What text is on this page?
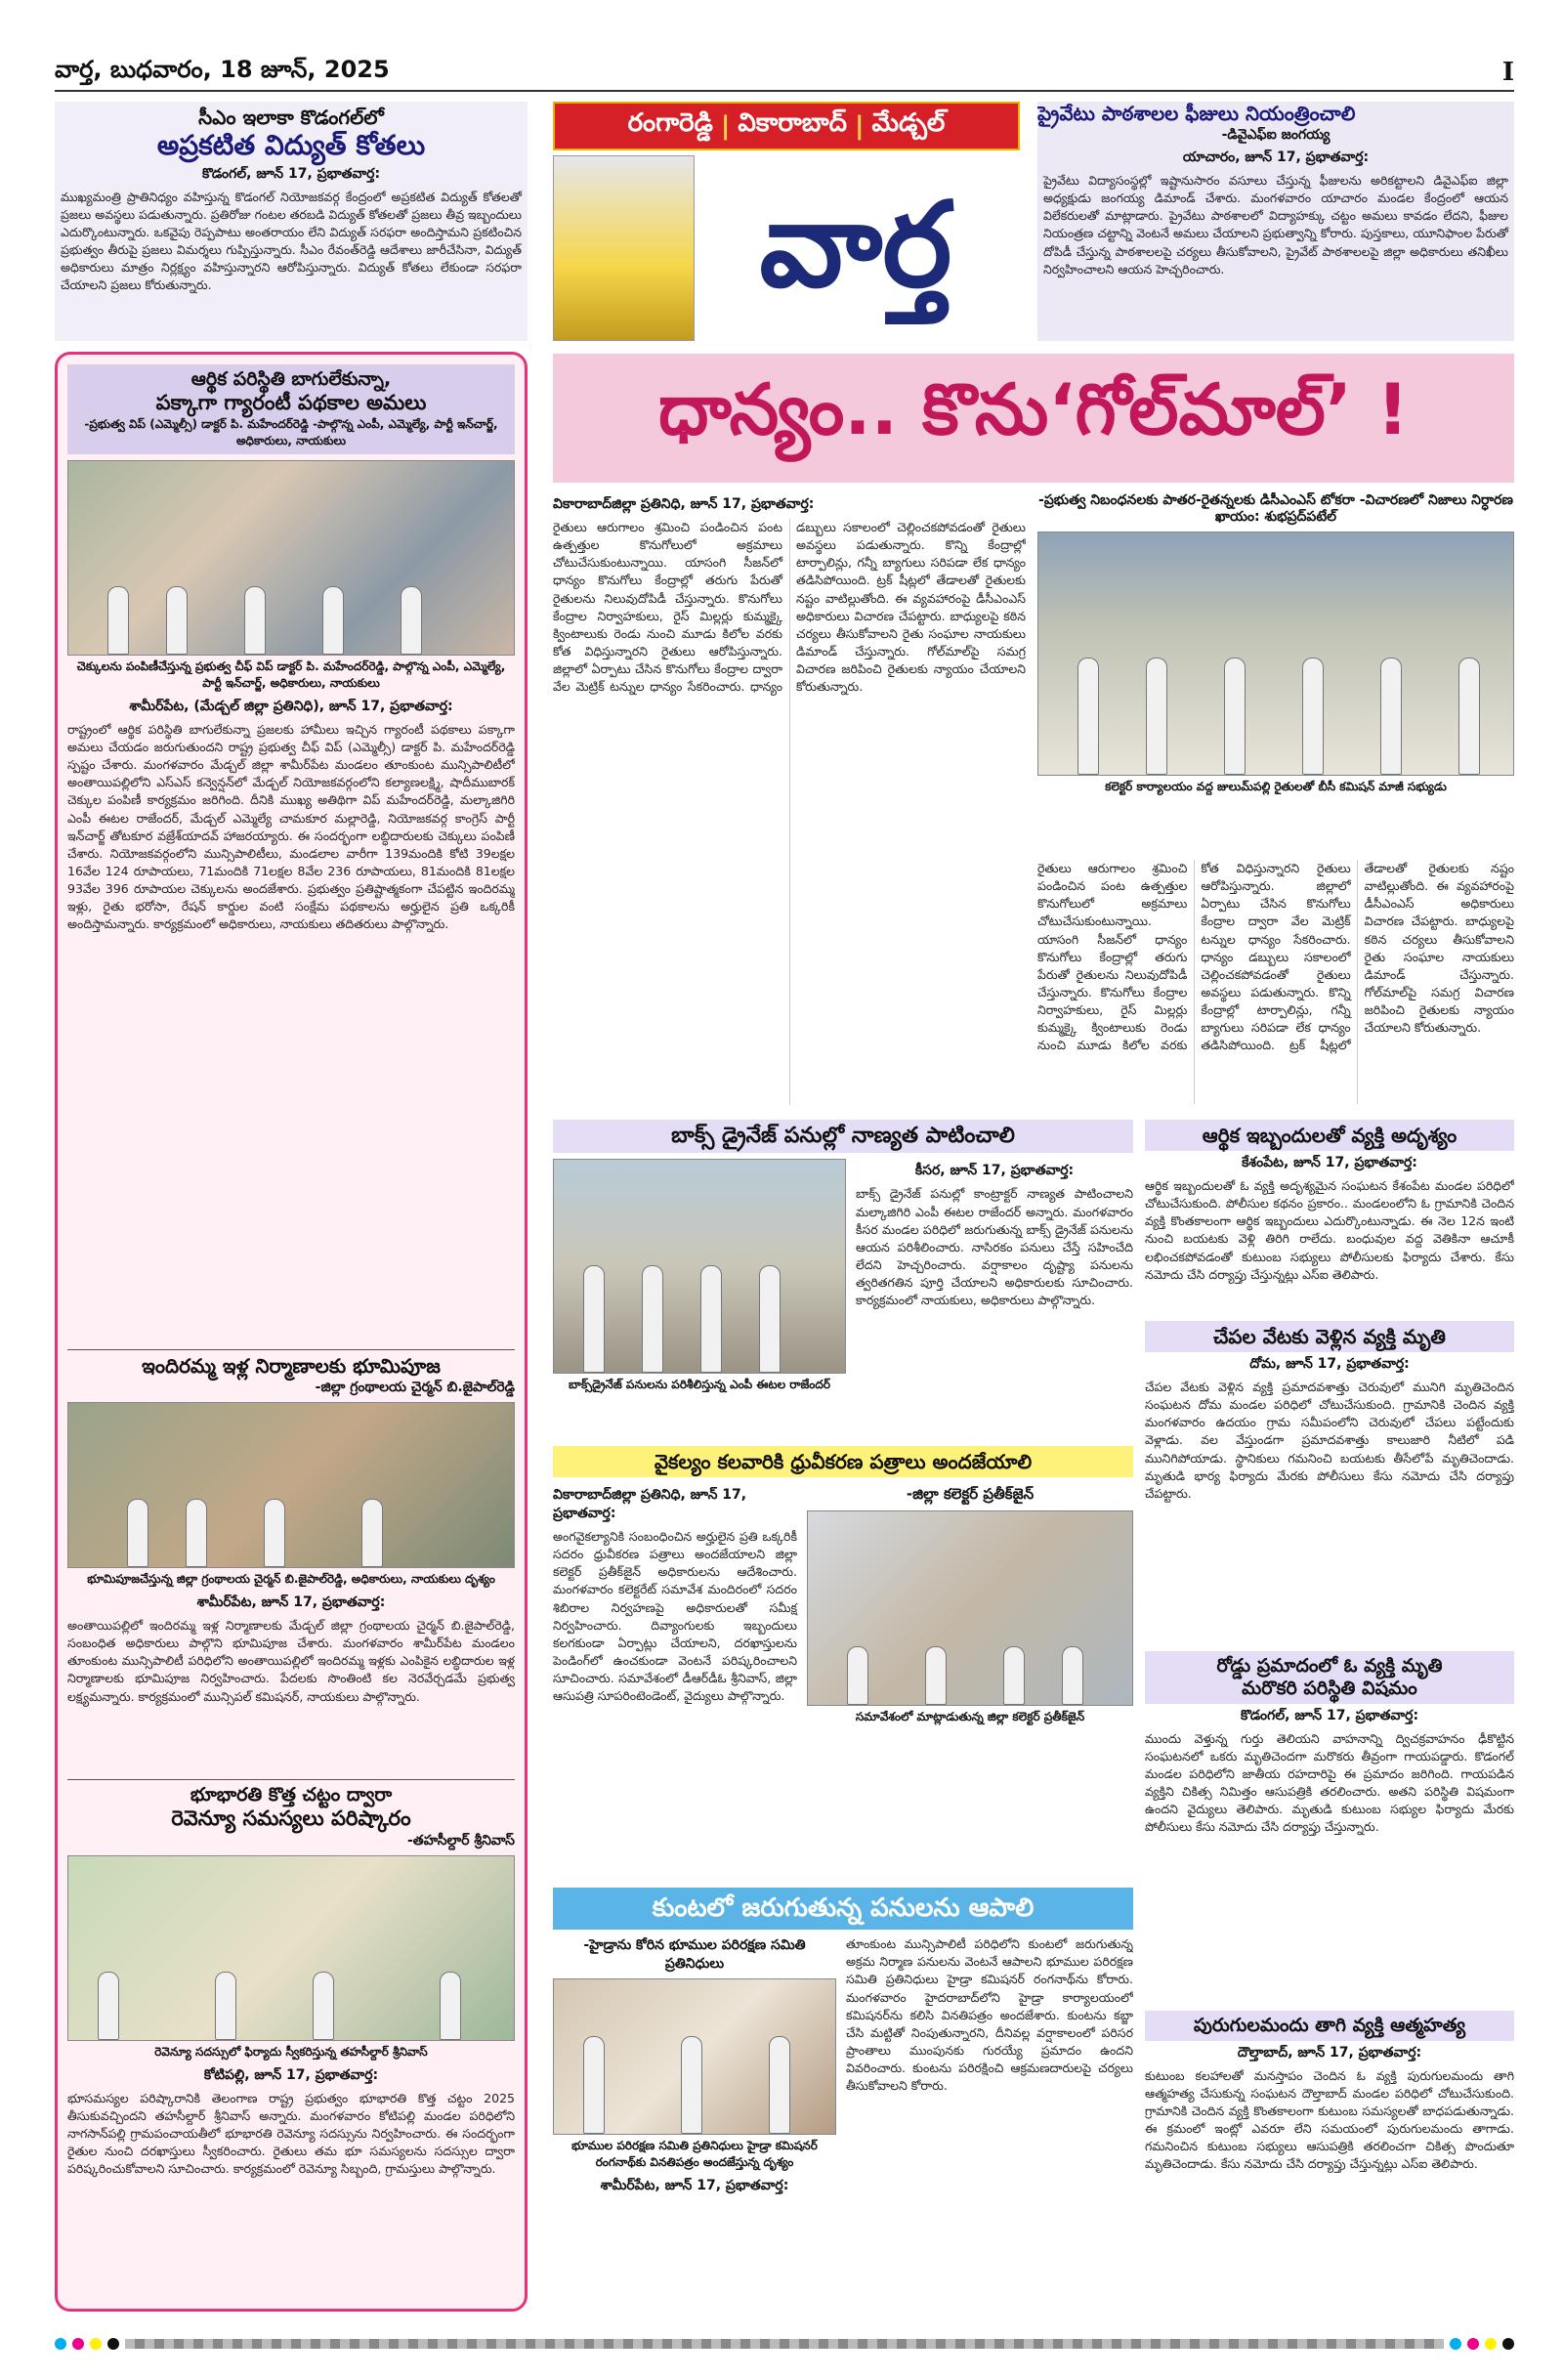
వార్త, బుధవారం, 18 జూన్, 2025	I
సీఎం ఇలాకా కొడంగల్‌లో
అప్రకటిత విద్యుత్ కోతలు
కొడంగల్, జూన్ 17, ప్రభాతవార్త:
ముఖ్యమంత్రి ప్రాతినిధ్యం వహిస్తున్న కొడంగల్ నియోజకవర్గ కేంద్రంలో అప్రకటిత విద్యుత్ కోతలతో ప్రజలు అవస్థలు పడుతున్నారు. ప్రతిరోజు గంటల తరబడి విద్యుత్ కోతలతో ప్రజలు తీవ్ర ఇబ్బందులు ఎదుర్కొంటున్నారు. ఒకవైపు రెప్పపాటు అంతరాయం లేని విద్యుత్ సరఫరా అందిస్తామని ప్రకటించిన ప్రభుత్వం తీరుపై ప్రజలు విమర్శలు గుప్పిస్తున్నారు. సీఎం రేవంత్‌రెడ్డి ఆదేశాలు జారీచేసినా, విద్యుత్ అధికారులు మాత్రం నిర్లక్ష్యం వహిస్తున్నారని ఆరోపిస్తున్నారు. విద్యుత్ కోతలు లేకుండా సరఫరా చేయాలని ప్రజలు కోరుతున్నారు.
రంగారెడ్డి | వికారాబాద్ | మేడ్చల్
వార్త
ప్రైవేటు పాఠశాలల ఫీజులు నియంత్రించాలి
-డివైఎఫ్ఐ జంగయ్య
యాచారం, జూన్ 17, ప్రభాతవార్త:
ప్రైవేటు విద్యాసంస్థల్లో ఇష్టానుసారం వసూలు చేస్తున్న ఫీజులను అరికట్టాలని డివైఎఫ్ఐ జిల్లా అధ్యక్షుడు జంగయ్య డిమాండ్ చేశారు. మంగళవారం యాచారం మండల కేంద్రంలో ఆయన విలేకరులతో మాట్లాడారు. ప్రైవేటు పాఠశాలలో విద్యాహక్కు చట్టం అమలు కావడం లేదని, ఫీజుల నియంత్రణ చట్టాన్ని వెంటనే అమలు చేయాలని ప్రభుత్వాన్ని కోరారు. పుస్తకాలు, యూనిఫాంల పేరుతో దోపిడీ చేస్తున్న పాఠశాలలపై చర్యలు తీసుకోవాలని, ప్రైవేట్ పాఠశాలలపై జిల్లా అధికారులు తనిఖీలు నిర్వహించాలని ఆయన హెచ్చరించారు.
ధాన్యం.. కొను‘గోల్‌మాల్’ !
ఆర్థిక పరిస్థితి బాగులేకున్నా,
పక్కాగా గ్యారంటీ పథకాల అమలు
-ప్రభుత్వ విప్ (ఎమ్మెల్సీ) డాక్టర్ పి. మహేందర్‌రెడ్డి -పాల్గొన్న ఎంపీ, ఎమ్మెల్యే, పార్టీ ఇన్‌చార్జ్, అధికారులు, నాయకులు
చెక్కులను పంపిణీచేస్తున్న ప్రభుత్వ చీఫ్ విప్ డాక్టర్ పి. మహేందర్‌రెడ్డి, పాల్గొన్న ఎంపీ, ఎమ్మెల్యే, పార్టీ ఇన్‌చార్జ్, అధికారులు, నాయకులు
శామీర్‌పేట, (మేడ్చల్ జిల్లా ప్రతినిధి), జూన్ 17, ప్రభాతవార్త:
రాష్ట్రంలో ఆర్థిక పరిస్థితి బాగులేకున్నా ప్రజలకు హామీలు ఇచ్చిన గ్యారంటీ పథకాలు పక్కాగా అమలు చేయడం జరుగుతుందని రాష్ట్ర ప్రభుత్వ చీఫ్ విప్ (ఎమ్మెల్సీ) డాక్టర్ పి. మహేందర్‌రెడ్డి స్పష్టం చేశారు. మంగళవారం మేడ్చల్ జిల్లా శామీర్‌పేట మండలం తూంకుంట మున్సిపాలిటీలో అంతాయిపల్లిలోని ఎస్‌ఎస్ కన్వెన్షన్‌లో మేడ్చల్ నియోజకవర్గంలోని కల్యాణలక్ష్మి, షాదీముబారక్ చెక్కుల పంపిణీ కార్యక్రమం జరిగింది. దీనికి ముఖ్య అతిథిగా విప్ మహేందర్‌రెడ్డి, మల్కాజిగిరి ఎంపీ ఈటల రాజేందర్, మేడ్చల్ ఎమ్మెల్యే చామకూర మల్లారెడ్డి, నియోజకవర్గ కాంగ్రెస్ పార్టీ ఇన్‌చార్జ్ తోటకూర వజ్రేశ్‌యాదవ్ హాజరయ్యారు. ఈ సందర్భంగా లబ్ధిదారులకు చెక్కులు పంపిణీ చేశారు. నియోజకవర్గంలోని మున్సిపాలిటీలు, మండలాల వారీగా 139మందికి కోటి 39లక్షల 16వేల 124 రూపాయలు, 71మందికి 71లక్షల 8వేల 236 రూపాయలు, 81మందికి 81లక్షల 93వేల 396 రూపాయల చెక్కులను అందజేశారు. ప్రభుత్వం ప్రతిష్టాత్మకంగా చేపట్టిన ఇందిరమ్మ ఇళ్లు, రైతు భరోసా, రేషన్ కార్డుల వంటి సంక్షేమ పథకాలను అర్హులైన ప్రతి ఒక్కరికీ అందిస్తామన్నారు. కార్యక్రమంలో అధికారులు, నాయకులు తదితరులు పాల్గొన్నారు.
ఇందిరమ్మ ఇళ్ల నిర్మాణాలకు భూమిపూజ
-జిల్లా గ్రంథాలయ చైర్మన్ బి.జైపాల్‌రెడ్డి
భూమిపూజచేస్తున్న జిల్లా గ్రంథాలయ చైర్మన్ బి.జైపాల్‌రెడ్డి, అధికారులు, నాయకులు దృశ్యం
శామీర్‌పేట, జూన్ 17, ప్రభాతవార్త:
అంతాయిపల్లిలో ఇందిరమ్మ ఇళ్ల నిర్మాణాలకు మేడ్చల్ జిల్లా గ్రంథాలయ చైర్మన్ బి.జైపాల్‌రెడ్డి, సంబంధిత అధికారులు పాల్గొని భూమిపూజ చేశారు. మంగళవారం శామీర్‌పేట మండలం తూంకుంట మున్సిపాలిటీ పరిధిలోని అంతాయిపల్లిలో ఇందిరమ్మ ఇళ్లకు ఎంపికైన లబ్ధిదారుల ఇళ్ల నిర్మాణాలకు భూమిపూజ నిర్వహించారు. పేదలకు సొంతింటి కల నెరవేర్చడమే ప్రభుత్వ లక్ష్యమన్నారు. కార్యక్రమంలో మున్సిపల్ కమిషనర్, నాయకులు పాల్గొన్నారు.
భూభారతి కొత్త చట్టం ద్వారా
రెవెన్యూ సమస్యలు పరిష్కారం
-తహసీల్దార్ శ్రీనివాస్
రెవెన్యూ సదస్సులో ఫిర్యాదు స్వీకరిస్తున్న తహసీల్దార్ శ్రీనివాస్
కోటిపల్లి, జూన్ 17, ప్రభాతవార్త:
భూసమస్యల పరిష్కారానికి తెలంగాణ రాష్ట్ర ప్రభుత్వం భూభారతి కొత్త చట్టం 2025 తీసుకువచ్చిందని తహసీల్దార్ శ్రీనివాస్ అన్నారు. మంగళవారం కోటిపల్లి మండల పరిధిలోని నాగసాన్‌పల్లి గ్రామపంచాయతీలో భూభారతి రెవెన్యూ సదస్సును నిర్వహించారు. ఈ సందర్భంగా రైతుల నుంచి దరఖాస్తులు స్వీకరించారు. రైతులు తమ భూ సమస్యలను సదస్సుల ద్వారా పరిష్కరించుకోవాలని సూచించారు. కార్యక్రమంలో రెవెన్యూ సిబ్బంది, గ్రామస్తులు పాల్గొన్నారు.
వికారాబాద్‌జిల్లా ప్రతినిధి, జూన్ 17, ప్రభాతవార్త:
రైతులు ఆరుగాలం శ్రమించి పండించిన పంట ఉత్పత్తుల కొనుగోలులో అక్రమాలు చోటుచేసుకుంటున్నాయి. యాసంగి సీజన్‌లో ధాన్యం కొనుగోలు కేంద్రాల్లో తరుగు పేరుతో రైతులను నిలువుదోపిడీ చేస్తున్నారు. కొనుగోలు కేంద్రాల నిర్వాహకులు, రైస్ మిల్లర్లు కుమ్మక్కై క్వింటాలుకు రెండు నుంచి మూడు కిలోల వరకు కోత విధిస్తున్నారని రైతులు ఆరోపిస్తున్నారు. జిల్లాలో ఏర్పాటు చేసిన కొనుగోలు కేంద్రాల ద్వారా వేల మెట్రిక్ టన్నుల ధాన్యం సేకరించారు. ధాన్యం డబ్బులు సకాలంలో చెల్లించకపోవడంతో రైతులు అవస్థలు పడుతున్నారు. కొన్ని కేంద్రాల్లో టార్పాలిన్లు, గన్నీ బ్యాగులు సరిపడా లేక ధాన్యం తడిసిపోయింది. ట్రక్ షీట్లలో తేడాలతో రైతులకు నష్టం వాటిల్లుతోంది. ఈ వ్యవహారంపై డీసీఎంఎస్ అధికారులు విచారణ చేపట్టారు. బాధ్యులపై కఠిన చర్యలు తీసుకోవాలని రైతు సంఘాల నాయకులు డిమాండ్ చేస్తున్నారు. గోల్‌మాల్‌పై సమగ్ర విచారణ జరిపించి రైతులకు న్యాయం చేయాలని కోరుతున్నారు.
-ప్రభుత్వ నిబంధనలకు పాతర-రైతన్నలకు డిసీఎంఎస్ టోకరా -విచారణలో నిజాలు నిర్ధారణ ఖాయం: శుభప్రద్‌పటేల్
కలెక్టర్ కార్యాలయం వద్ద జులుమ్‌పల్లి రైతులతో బీసీ కమిషన్ మాజీ సభ్యుడు
రైతులు ఆరుగాలం శ్రమించి పండించిన పంట ఉత్పత్తుల కొనుగోలులో అక్రమాలు చోటుచేసుకుంటున్నాయి. యాసంగి సీజన్‌లో ధాన్యం కొనుగోలు కేంద్రాల్లో తరుగు పేరుతో రైతులను నిలువుదోపిడీ చేస్తున్నారు. కొనుగోలు కేంద్రాల నిర్వాహకులు, రైస్ మిల్లర్లు కుమ్మక్కై క్వింటాలుకు రెండు నుంచి మూడు కిలోల వరకు కోత విధిస్తున్నారని రైతులు ఆరోపిస్తున్నారు. జిల్లాలో ఏర్పాటు చేసిన కొనుగోలు కేంద్రాల ద్వారా వేల మెట్రిక్ టన్నుల ధాన్యం సేకరించారు. ధాన్యం డబ్బులు సకాలంలో చెల్లించకపోవడంతో రైతులు అవస్థలు పడుతున్నారు. కొన్ని కేంద్రాల్లో టార్పాలిన్లు, గన్నీ బ్యాగులు సరిపడా లేక ధాన్యం తడిసిపోయింది. ట్రక్ షీట్లలో తేడాలతో రైతులకు నష్టం వాటిల్లుతోంది. ఈ వ్యవహారంపై డీసీఎంఎస్ అధికారులు విచారణ చేపట్టారు. బాధ్యులపై కఠిన చర్యలు తీసుకోవాలని రైతు సంఘాల నాయకులు డిమాండ్ చేస్తున్నారు. గోల్‌మాల్‌పై సమగ్ర విచారణ జరిపించి రైతులకు న్యాయం చేయాలని కోరుతున్నారు.
బాక్స్ డ్రైనేజ్ పనుల్లో నాణ్యత పాటించాలి
బాక్స్‌డ్రైనేజ్ పనులను పరిశీలిస్తున్న ఎంపీ ఈటల రాజేందర్
కీసర, జూన్ 17, ప్రభాతవార్త:
బాక్స్ డ్రైనేజ్ పనుల్లో కాంట్రాక్టర్ నాణ్యత పాటించాలని మల్కాజిగిరి ఎంపీ ఈటల రాజేందర్ అన్నారు. మంగళవారం కీసర మండల పరిధిలో జరుగుతున్న బాక్స్ డ్రైనేజ్ పనులను ఆయన పరిశీలించారు. నాసిరకం పనులు చేస్తే సహించేది లేదని హెచ్చరించారు. వర్షాకాలం దృష్ట్యా పనులను త్వరితగతిన పూర్తి చేయాలని అధికారులకు సూచించారు. కార్యక్రమంలో నాయకులు, అధికారులు పాల్గొన్నారు.
వైకల్యం కలవారికి ధ్రువీకరణ పత్రాలు అందజేయాలి
వికారాబాద్‌జిల్లా ప్రతినిధి, జూన్ 17, ప్రభాతవార్త:
అంగవైకల్యానికి సంబంధించిన అర్హులైన ప్రతి ఒక్కరికీ సదరం ధ్రువీకరణ పత్రాలు అందజేయాలని జిల్లా కలెక్టర్ ప్రతీక్‌జైన్ అధికారులను ఆదేశించారు. మంగళవారం కలెక్టరేట్ సమావేశ మందిరంలో సదరం శిబిరాల నిర్వహణపై అధికారులతో సమీక్ష నిర్వహించారు. దివ్యాంగులకు ఇబ్బందులు కలగకుండా ఏర్పాట్లు చేయాలని, దరఖాస్తులను పెండింగ్‌లో ఉంచకుండా వెంటనే పరిష్కరించాలని సూచించారు. సమావేశంలో డీఆర్‌డీఓ శ్రీనివాస్, జిల్లా ఆసుపత్రి సూపరింటెండెంట్, వైద్యులు పాల్గొన్నారు.
-జిల్లా కలెక్టర్ ప్రతీక్‌జైన్
సమావేశంలో మాట్లాడుతున్న జిల్లా కలెక్టర్ ప్రతీక్‌జైన్
కుంటలో జరుగుతున్న పనులను ఆపాలి
-హైడ్రాను కోరిన భూముల పరిరక్షణ సమితి ప్రతినిధులు
భూముల పరిరక్షణ సమితి ప్రతినిధులు హైడ్రా కమిషనర్ రంగనాథ్‌కు వినతిపత్రం అందజేస్తున్న దృశ్యం
శామీర్‌పేట, జూన్ 17, ప్రభాతవార్త:
తూంకుంట మున్సిపాలిటీ పరిధిలోని కుంటలో జరుగుతున్న అక్రమ నిర్మాణ పనులను వెంటనే ఆపాలని భూముల పరిరక్షణ సమితి ప్రతినిధులు హైడ్రా కమిషనర్ రంగనాథ్‌ను కోరారు. మంగళవారం హైదరాబాద్‌లోని హైడ్రా కార్యాలయంలో కమిషనర్‌ను కలిసి వినతిపత్రం అందజేశారు. కుంటను కబ్జా చేసి మట్టితో నింపుతున్నారని, దీనివల్ల వర్షాకాలంలో పరిసర ప్రాంతాలు ముంపునకు గురయ్యే ప్రమాదం ఉందని వివరించారు. కుంటను పరిరక్షించి ఆక్రమణదారులపై చర్యలు తీసుకోవాలని కోరారు.
ఆర్థిక ఇబ్బందులతో వ్యక్తి అదృశ్యం
కేశంపేట, జూన్ 17, ప్రభాతవార్త:
ఆర్థిక ఇబ్బందులతో ఓ వ్యక్తి అదృశ్యమైన సంఘటన కేశంపేట మండల పరిధిలో చోటుచేసుకుంది. పోలీసుల కథనం ప్రకారం.. మండలంలోని ఓ గ్రామానికి చెందిన వ్యక్తి కొంతకాలంగా ఆర్థిక ఇబ్బందులు ఎదుర్కొంటున్నాడు. ఈ నెల 12న ఇంటి నుంచి బయటకు వెళ్లి తిరిగి రాలేదు. బంధువుల వద్ద వెతికినా ఆచూకీ లభించకపోవడంతో కుటుంబ సభ్యులు పోలీసులకు ఫిర్యాదు చేశారు. కేసు నమోదు చేసి దర్యాప్తు చేస్తున్నట్లు ఎస్‌ఐ తెలిపారు.
చేపల వేటకు వెళ్లిన వ్యక్తి మృతి
దోమ, జూన్ 17, ప్రభాతవార్త:
చేపల వేటకు వెళ్లిన వ్యక్తి ప్రమాదవశాత్తు చెరువులో మునిగి మృతిచెందిన సంఘటన దోమ మండల పరిధిలో చోటుచేసుకుంది. గ్రామానికి చెందిన వ్యక్తి మంగళవారం ఉదయం గ్రామ సమీపంలోని చెరువులో చేపలు పట్టేందుకు వెళ్లాడు. వల వేస్తుండగా ప్రమాదవశాత్తు కాలుజారి నీటిలో పడి మునిగిపోయాడు. స్థానికులు గమనించి బయటకు తీసేలోపే మృతిచెందాడు. మృతుడి భార్య ఫిర్యాదు మేరకు పోలీసులు కేసు నమోదు చేసి దర్యాప్తు చేపట్టారు.
రోడ్డు ప్రమాదంలో ఓ వ్యక్తి మృతి
మరొకరి పరిస్థితి విషమం
కొడంగల్, జూన్ 17, ప్రభాతవార్త:
ముందు వెళ్తున్న గుర్తు తెలియని వాహనాన్ని ద్విచక్రవాహనం ఢీకొట్టిన సంఘటనలో ఒకరు మృతిచెందగా మరొకరు తీవ్రంగా గాయపడ్డారు. కొడంగల్ మండల పరిధిలోని జాతీయ రహదారిపై ఈ ప్రమాదం జరిగింది. గాయపడిన వ్యక్తిని చికిత్స నిమిత్తం ఆసుపత్రికి తరలించారు. అతని పరిస్థితి విషమంగా ఉందని వైద్యులు తెలిపారు. మృతుడి కుటుంబ సభ్యుల ఫిర్యాదు మేరకు పోలీసులు కేసు నమోదు చేసి దర్యాప్తు చేస్తున్నారు.
పురుగులమందు తాగి వ్యక్తి ఆత్మహత్య
దౌల్తాబాద్, జూన్ 17, ప్రభాతవార్త:
కుటుంబ కలహాలతో మనస్తాపం చెందిన ఓ వ్యక్తి పురుగులమందు తాగి ఆత్మహత్య చేసుకున్న సంఘటన దౌల్తాబాద్ మండల పరిధిలో చోటుచేసుకుంది. గ్రామానికి చెందిన వ్యక్తి కొంతకాలంగా కుటుంబ సమస్యలతో బాధపడుతున్నాడు. ఈ క్రమంలో ఇంట్లో ఎవరూ లేని సమయంలో పురుగులమందు తాగాడు. గమనించిన కుటుంబ సభ్యులు ఆసుపత్రికి తరలించగా చికిత్స పొందుతూ మృతిచెందాడు. కేసు నమోదు చేసి దర్యాప్తు చేస్తున్నట్లు ఎస్‌ఐ తెలిపారు.
